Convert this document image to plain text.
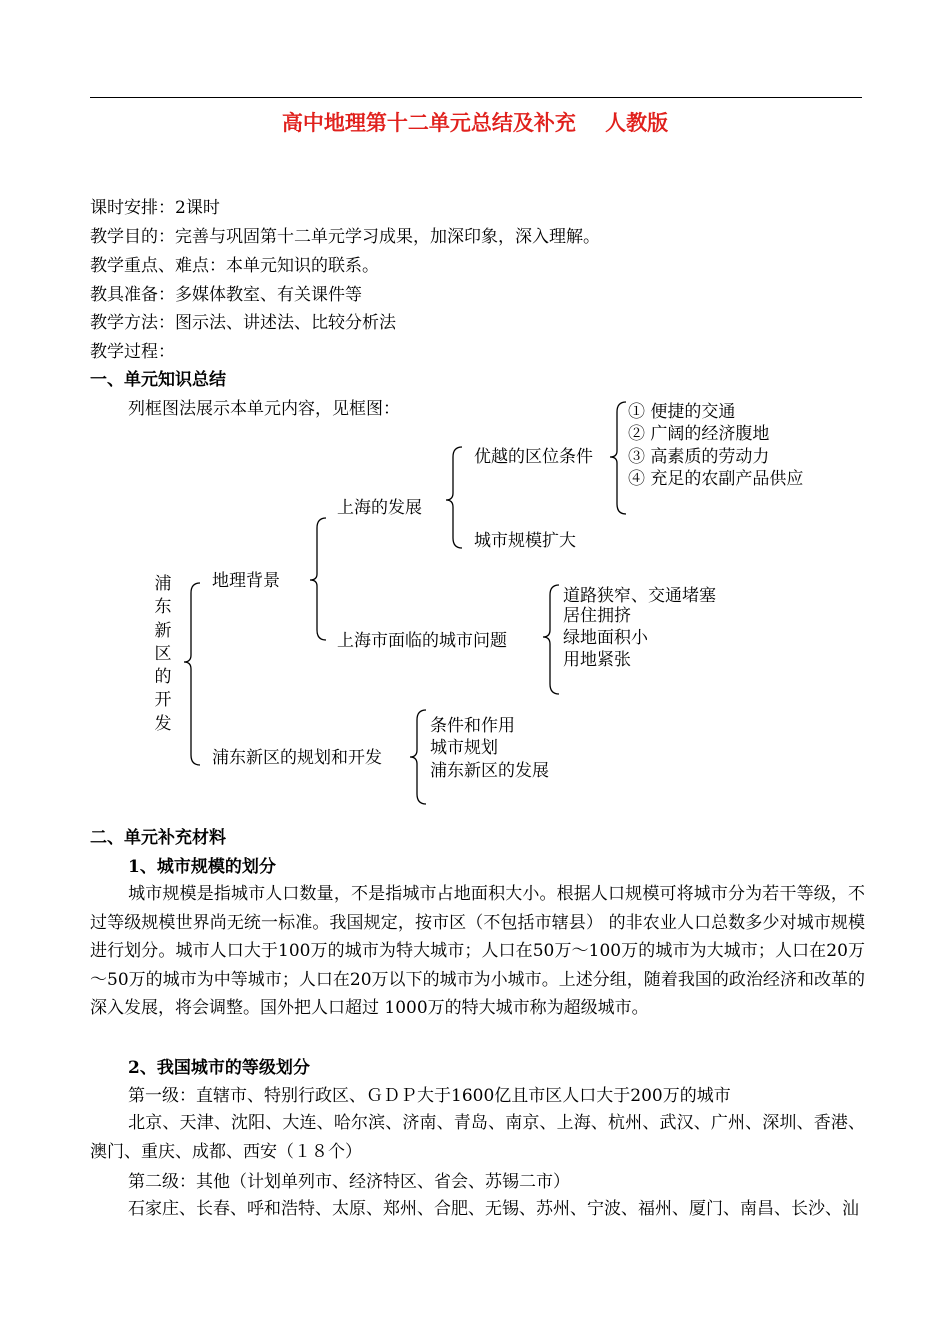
高中地理第十二单元总结及补充    人教版
课时安排：2课时
教学目的：完善与巩固第十二单元学习成果，加深印象，深入理解。
教学重点、难点：本单元知识的联系。
教具准备：多媒体教室、有关课件等
教学方法：图示法、讲述法、比较分析法
教学过程：
一、单元知识总结
列框图法展示本单元内容，见框图：
浦
东
新
区
的
开
发
地理背景
上海的发展
优越的区位条件
① 便捷的交通
② 广阔的经济腹地
③ 高素质的劳动力
④ 充足的农副产品供应
城市规模扩大
上海市面临的城市问题
道路狭窄、交通堵塞
居住拥挤
绿地面积小
用地紧张
浦东新区的规划和开发
条件和作用
城市规划
浦东新区的发展
二、单元补充材料
1、城市规模的划分
城市规模是指城市人口数量，不是指城市占地面积大小。根据人口规模可将城市分为若干等级，不过等级规模世界尚无统一标准。我国规定，按市区（不包括市辖县） 的非农业人口总数多少对城市规模进行划分。城市人口大于100万的城市为特大城市；人口在50万～100万的城市为大城市；人口在20万～50万的城市为中等城市；人口在20万以下的城市为小城市。上述分组，随着我国的政治经济和改革的深入发展，将会调整。国外把人口超过 1000万的特大城市称为超级城市。
2、我国城市的等级划分
第一级：直辖市、特别行政区、ＧＤＰ大于1600亿且市区人口大于200万的城市
北京、天津、沈阳、大连、哈尔滨、济南、青岛、南京、上海、杭州、武汉、广州、深圳、香港、澳门、重庆、成都、西安（１８个）
第二级：其他（计划单列市、经济特区、省会、苏锡二市）
石家庄、长春、呼和浩特、太原、郑州、合肥、无锡、苏州、宁波、福州、厦门、南昌、长沙、汕
